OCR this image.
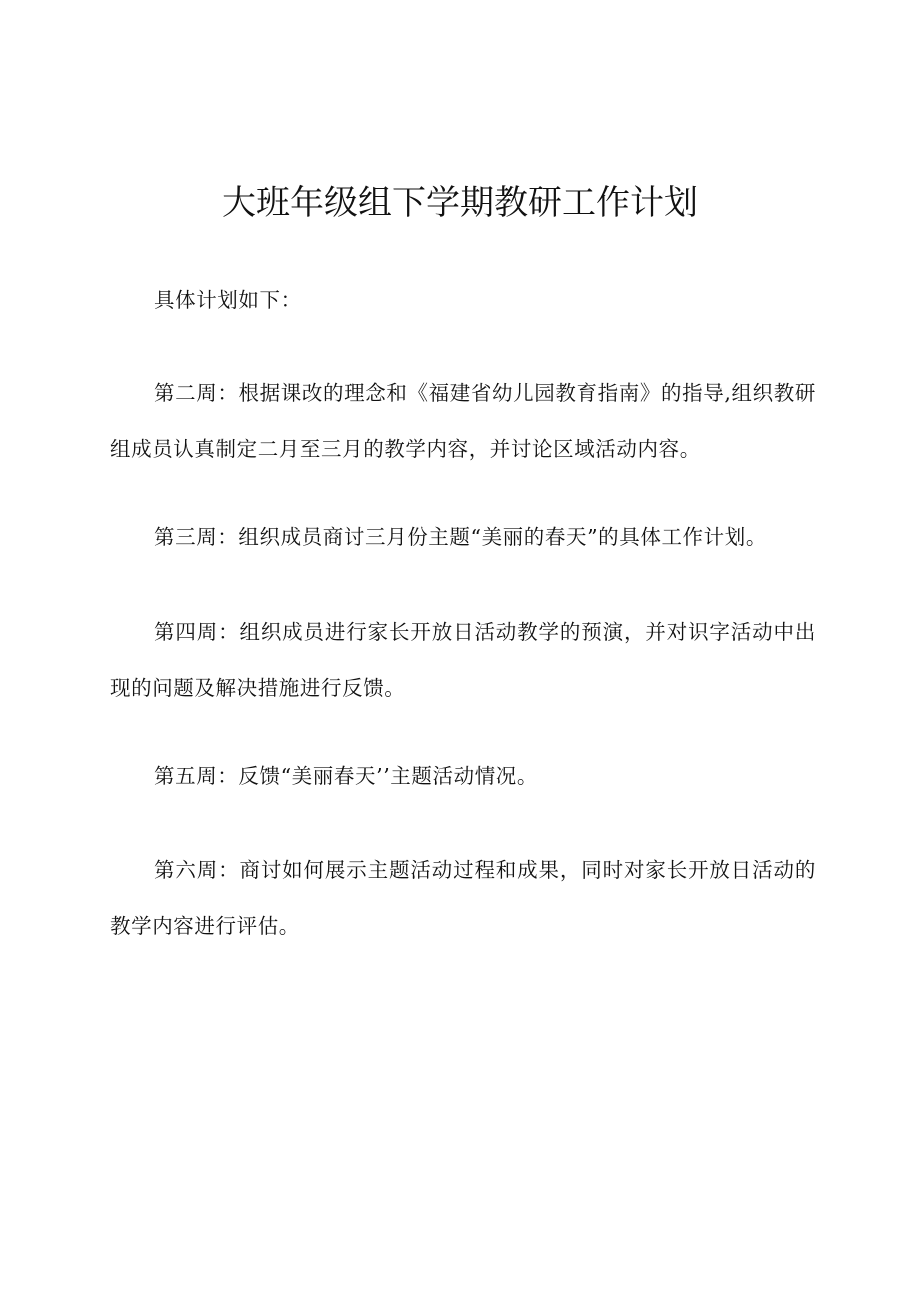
大班年级组下学期教研工作计划

具体计划如下：

第二周：根据课改的理念和《福建省幼儿园教育指南》的指导,组织教研组成员认真制定二月至三月的教学内容，并讨论区域活动内容。

第三周：组织成员商讨三月份主题“美丽的春天”的具体工作计划。

第四周：组织成员进行家长开放日活动教学的预演，并对识字活动中出现的问题及解决措施进行反馈。

第五周：反馈“美丽春天’’主题活动情况。

第六周：商讨如何展示主题活动过程和成果，同时对家长开放日活动的教学内容进行评估。
